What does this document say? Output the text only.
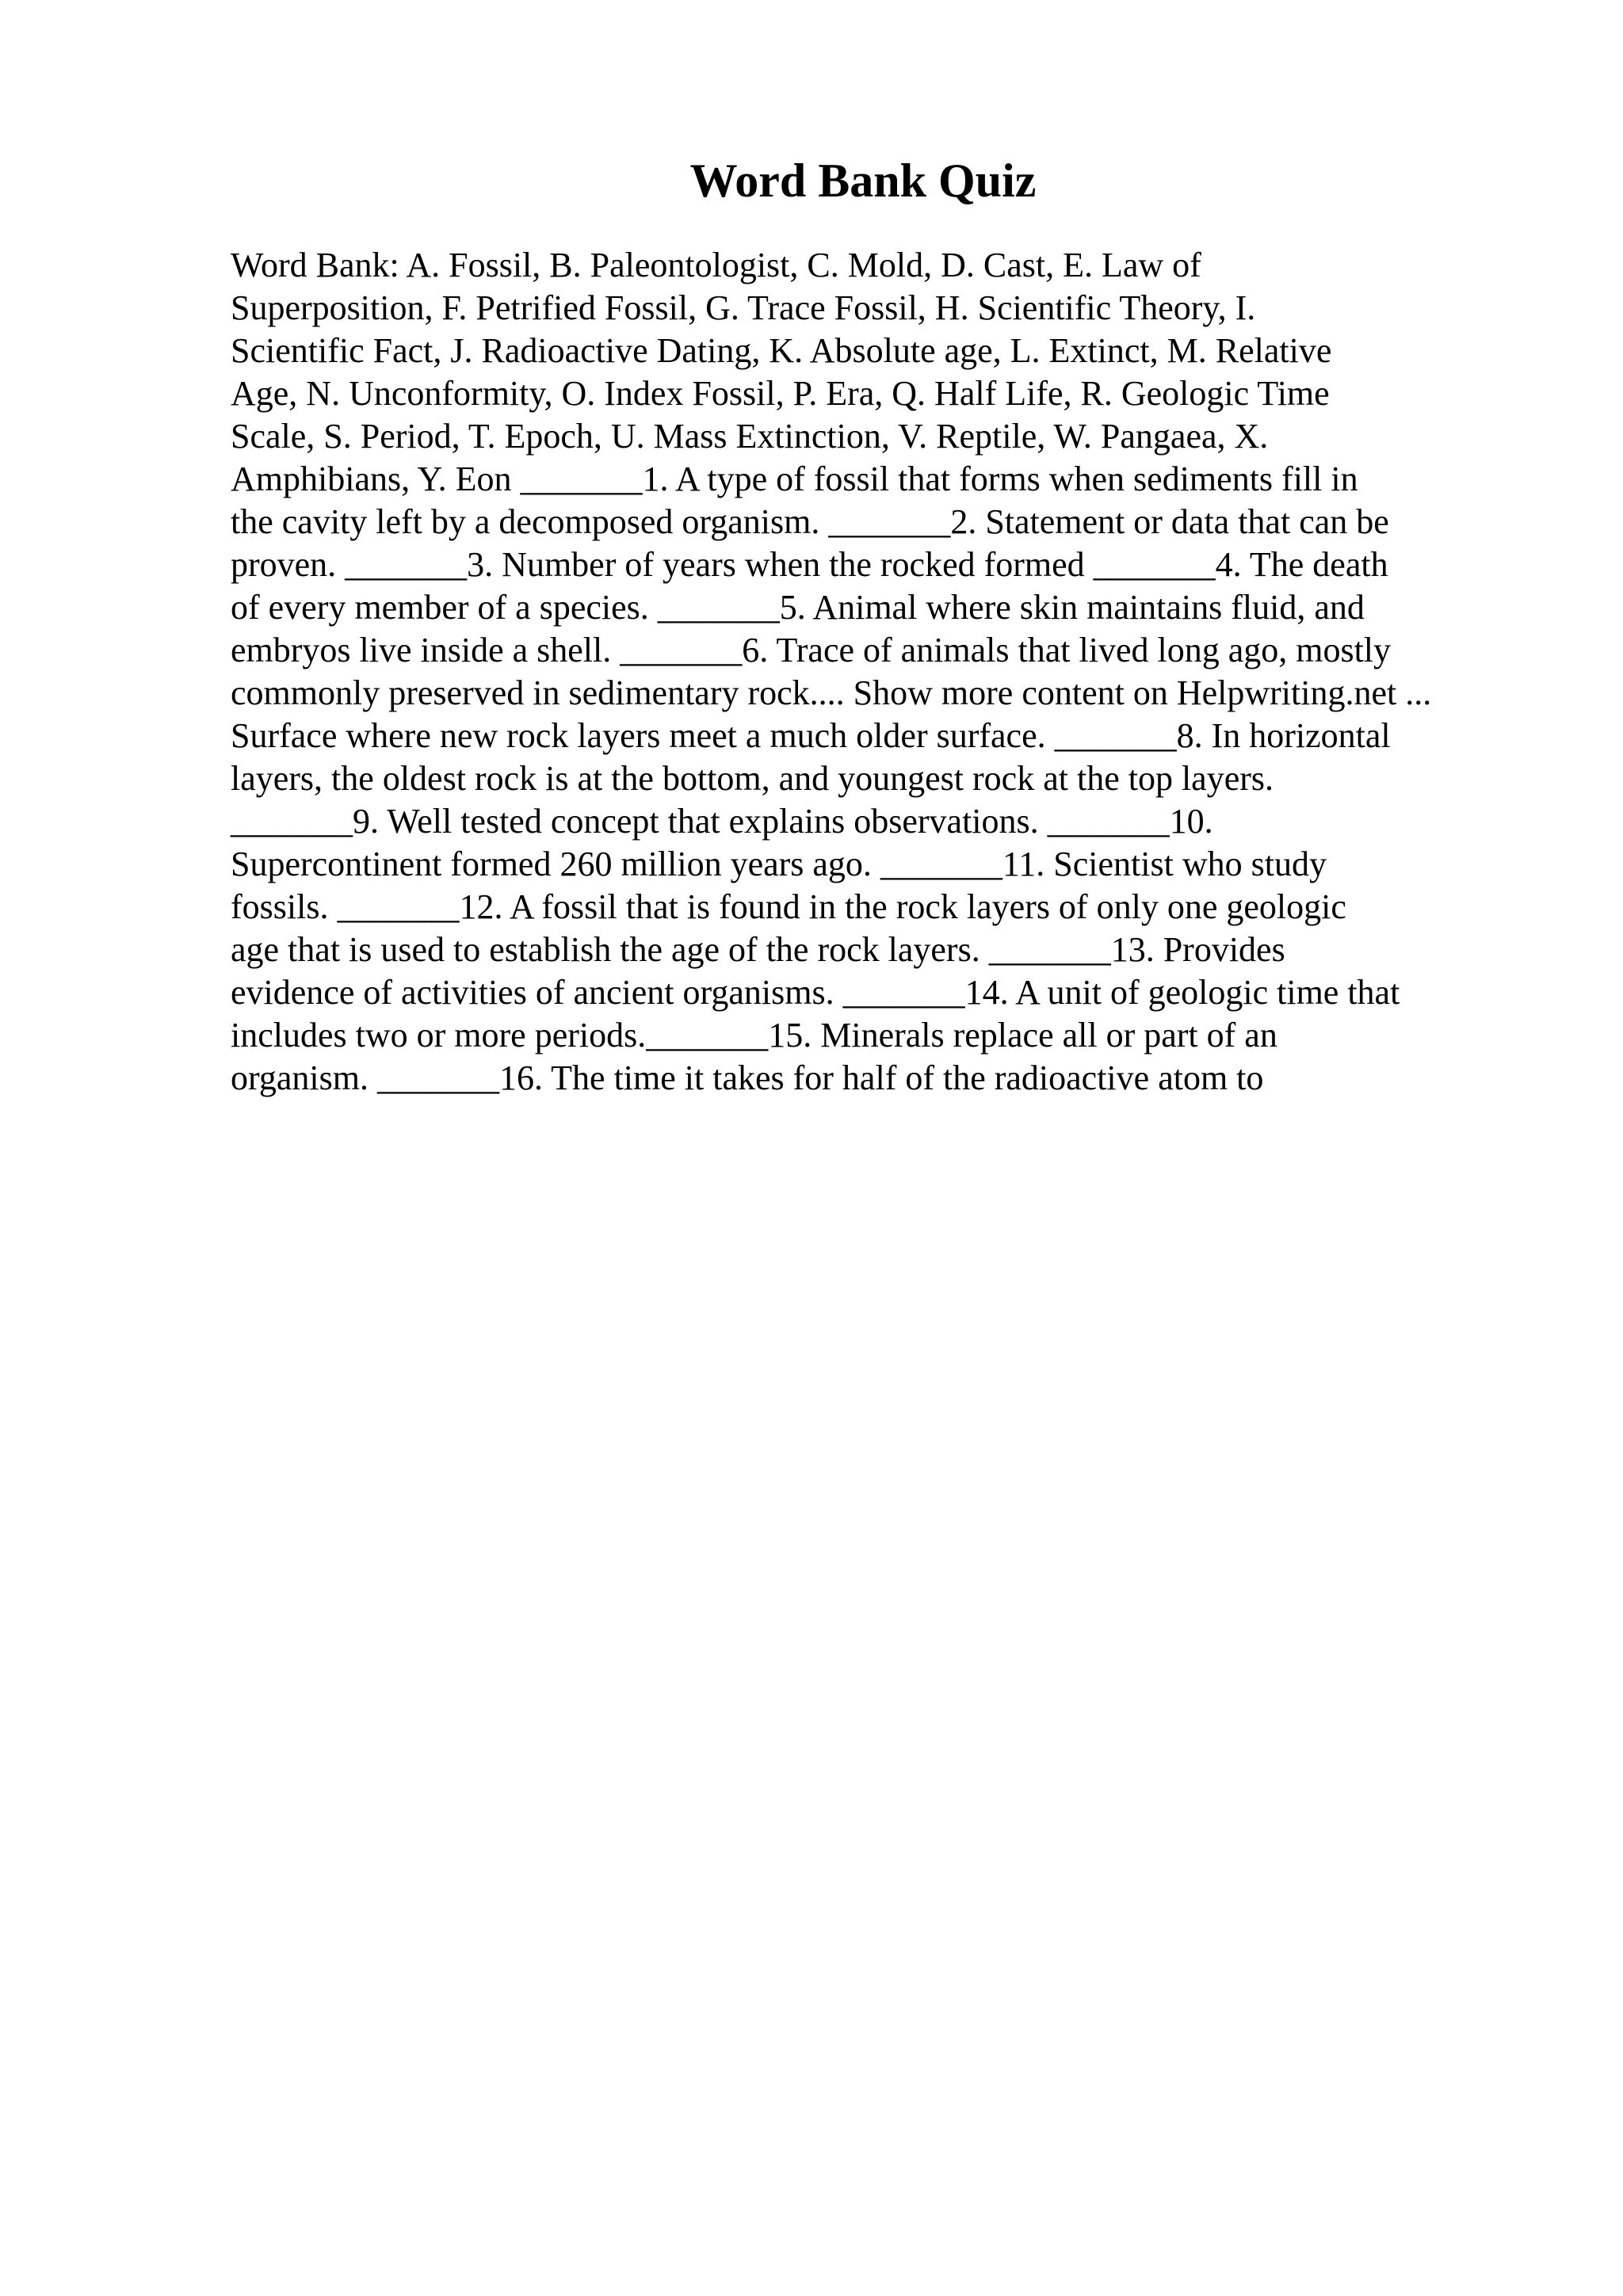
Word Bank Quiz
Word Bank: A. Fossil, B. Paleontologist, C. Mold, D. Cast, E. Law of
Superposition, F. Petrified Fossil, G. Trace Fossil, H. Scientific Theory, I.
Scientific Fact, J. Radioactive Dating, K. Absolute age, L. Extinct, M. Relative
Age, N. Unconformity, O. Index Fossil, P. Era, Q. Half Life, R. Geologic Time
Scale, S. Period, T. Epoch, U. Mass Extinction, V. Reptile, W. Pangaea, X.
Amphibians, Y. Eon _______1. A type of fossil that forms when sediments fill in
the cavity left by a decomposed organism. _______2. Statement or data that can be
proven. _______3. Number of years when the rocked formed _______4. The death
of every member of a species. _______5. Animal where skin maintains fluid, and
embryos live inside a shell. _______6. Trace of animals that lived long ago, mostly
commonly preserved in sedimentary rock.... Show more content on Helpwriting.net ...
Surface where new rock layers meet a much older surface. _______8. In horizontal
layers, the oldest rock is at the bottom, and youngest rock at the top layers.
_______9. Well tested concept that explains observations. _______10.
Supercontinent formed 260 million years ago. _______11. Scientist who study
fossils. _______12. A fossil that is found in the rock layers of only one geologic
age that is used to establish the age of the rock layers. _______13. Provides
evidence of activities of ancient organisms. _______14. A unit of geologic time that
includes two or more periods._______15. Minerals replace all or part of an
organism. _______16. The time it takes for half of the radioactive atom to
